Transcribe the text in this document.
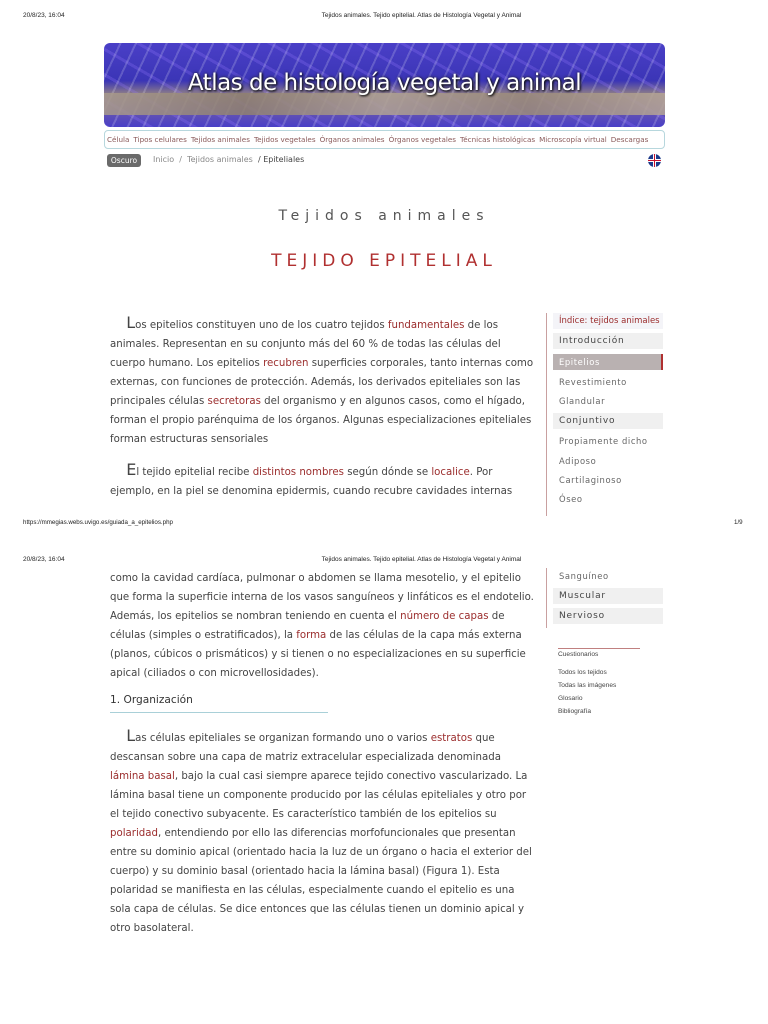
20/8/23, 16:04	Tejidos animales. Tejido epitelial. Atlas de Histología Vegetal y Animal
Atlas de histología vegetal y animal
Célula Tipos celulares Tejidos animales Tejidos vegetales Órganos animales Órganos vegetales Técnicas histológicas Microscopía virtual Descargas
Oscuro	Inicio / Tejidos animales / Epiteliales
Tejidos animales
TEJIDO EPITELIAL
Los epitelios constituyen uno de los cuatro tejidos fundamentales de los animales. Representan en su conjunto más del 60 % de todas las células del cuerpo humano. Los epitelios recubren superficies corporales, tanto internas como externas, con funciones de protección. Además, los derivados epiteliales son las principales células secretoras del organismo y en algunos casos, como el hígado, forman el propio parénquima de los órganos. Algunas especializaciones epiteliales forman estructuras sensoriales
El tejido epitelial recibe distintos nombres según dónde se localice. Por ejemplo, en la piel se denomina epidermis, cuando recubre cavidades internas
Índice: tejidos animales
Introducción
Epitelios
Revestimiento
Glandular
Conjuntivo
Propiamente dicho
Adiposo
Cartilaginoso
Óseo
https://mmegias.webs.uvigo.es/guiada_a_epitelios.php	1/9
20/8/23, 16:04	Tejidos animales. Tejido epitelial. Atlas de Histología Vegetal y Animal
como la cavidad cardíaca, pulmonar o abdomen se llama mesotelio, y el epitelio que forma la superficie interna de los vasos sanguíneos y linfáticos es el endotelio. Además, los epitelios se nombran teniendo en cuenta el número de capas de células (simples o estratificados), la forma de las células de la capa más externa (planos, cúbicos o prismáticos) y si tienen o no especializaciones en su superficie apical (ciliados o con microvellosidades).
1. Organización
Las células epiteliales se organizan formando uno o varios estratos que descansan sobre una capa de matriz extracelular especializada denominada lámina basal, bajo la cual casi siempre aparece tejido conectivo vascularizado. La lámina basal tiene un componente producido por las células epiteliales y otro por el tejido conectivo subyacente. Es característico también de los epitelios su polaridad, entendiendo por ello las diferencias morfofuncionales que presentan entre su dominio apical (orientado hacia la luz de un órgano o hacia el exterior del cuerpo) y su dominio basal (orientado hacia la lámina basal) (Figura 1). Esta polaridad se manifiesta en las células, especialmente cuando el epitelio es una sola capa de células. Se dice entonces que las células tienen un dominio apical y otro basolateral.
Sanguíneo
Muscular
Nervioso
Cuestionarios
Todos los tejidos
Todas las imágenes
Glosario
Bibliografía
